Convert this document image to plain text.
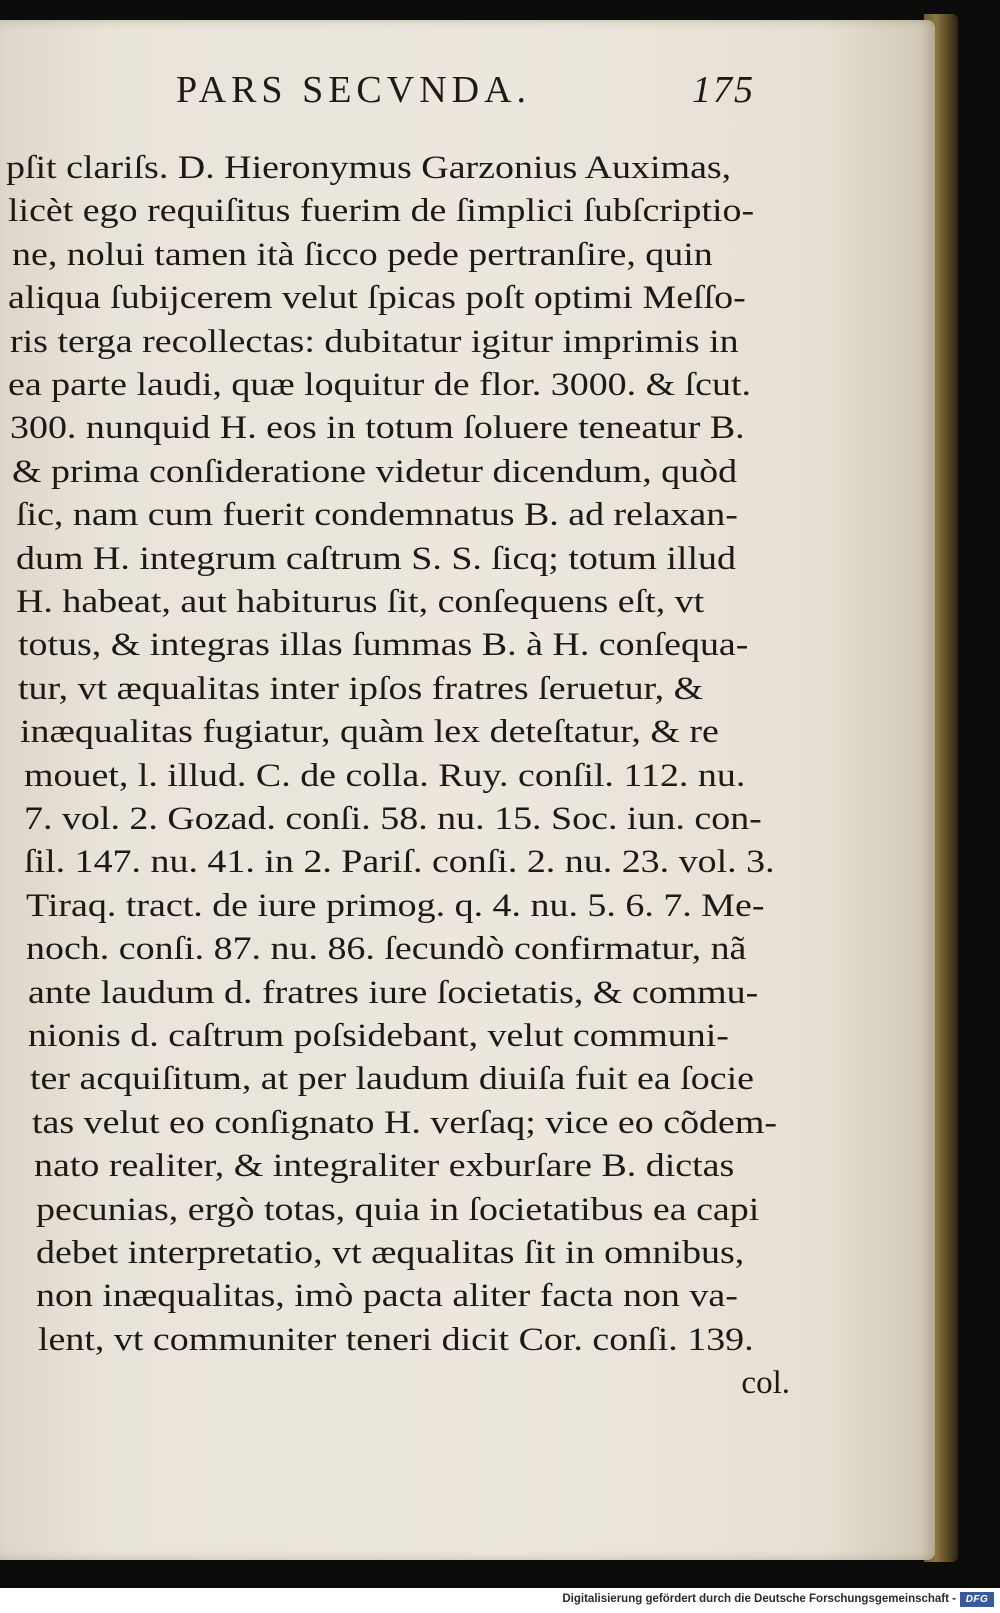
PARS SECVNDA.	175
pſit clariſs. D. Hieronymus Garzonius Auximas,
licèt ego requiſitus fuerim de ſimplici ſubſcriptio-
ne, nolui tamen ità ſicco pede pertranſire, quin
aliqua ſubijcerem velut ſpicas poſt optimi Meſſo-
ris terga recollectas: dubitatur igitur imprimis in
ea parte laudi, quæ loquitur de flor. 3000. & ſcut.
300. nunquid H. eos in totum ſoluere teneatur B.
& prima conſideratione videtur dicendum, quòd
ſic, nam cum fuerit condemnatus B. ad relaxan-
dum H. integrum caſtrum S. S. ſicq; totum illud
H. habeat, aut habiturus ſit, conſequens eſt, vt
totus, & integras illas ſummas B. à H. conſequa-
tur, vt æqualitas inter ipſos fratres ſeruetur, &
inæqualitas fugiatur, quàm lex deteſtatur, & re
mouet, l. illud. C. de colla. Ruy. conſil. 112. nu.
7. vol. 2. Gozad. conſi. 58. nu. 15. Soc. iun. con-
ſil. 147. nu. 41. in 2. Pariſ. conſi. 2. nu. 23. vol. 3.
Tiraq. tract. de iure primog. q. 4. nu. 5. 6. 7. Me-
noch. conſi. 87. nu. 86. ſecundò confirmatur, nã
ante laudum d. fratres iure ſocietatis, & commu-
nionis d. caſtrum poſsidebant, velut communi-
ter acquiſitum, at per laudum diuiſa fuit ea ſocie
tas velut eo conſignato H. verſaq; vice eo cõdem-
nato realiter, & integraliter exburſare B. dictas
pecunias, ergò totas, quia in ſocietatibus ea capi
debet interpretatio, vt æqualitas ſit in omnibus,
non inæqualitas, imò pacta aliter facta non va-
lent, vt communiter teneri dicit Cor. conſi. 139.
col.
Digitalisierung gefördert durch die Deutsche Forschungsgemeinschaft - DFG
